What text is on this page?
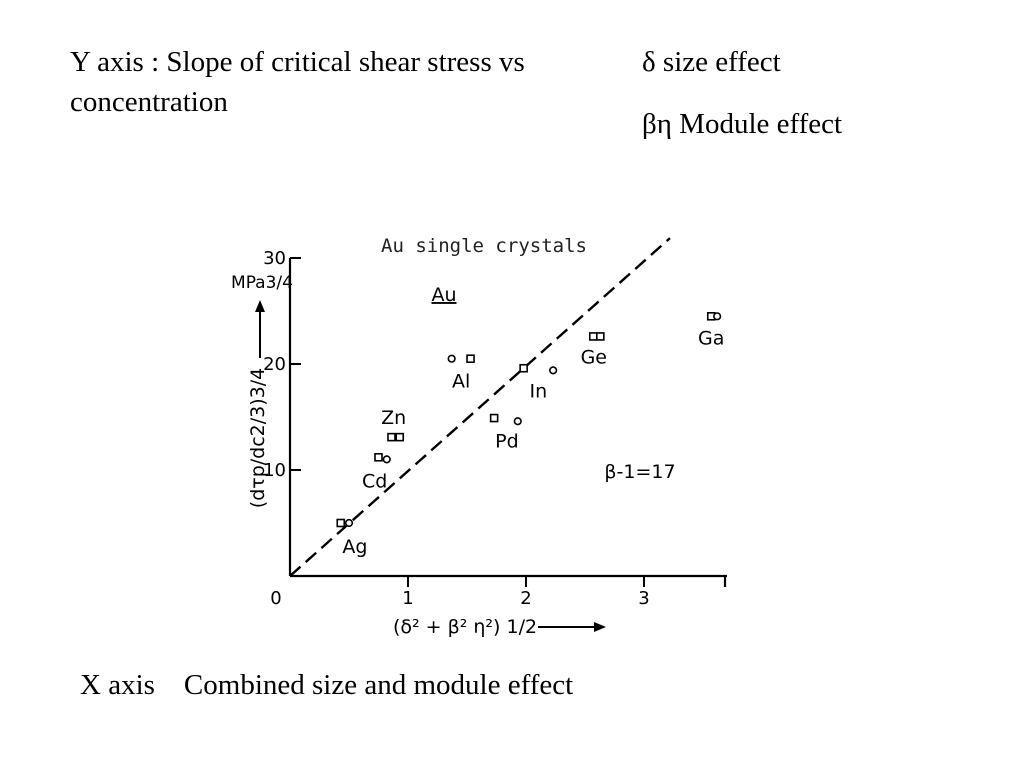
Y axis : Slope of critical shear stress vs concentration
δ size effect
βη Module effect
X axis Combined size and module effect
0	1	2	3
10
20
30
Ag
Cd
Zn
Al
Pd
In
Ge
Ga
Au single crystals
Au
(dτp/dc2/3)3/4
MPa3/4
(δ² + β² η²) 1/2
β-1=17
